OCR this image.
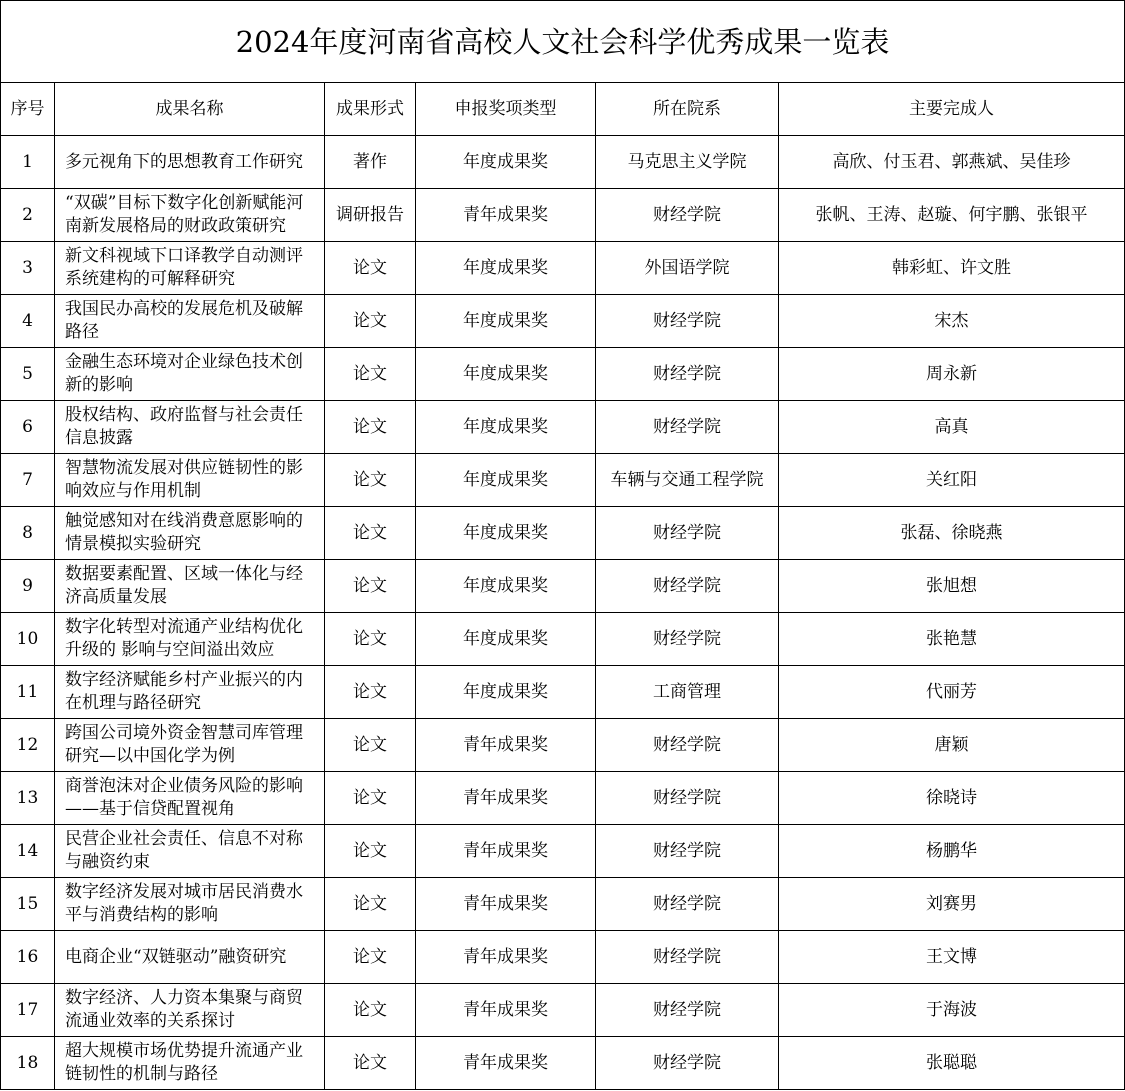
2024年度河南省高校人文社会科学优秀成果一览表					
序号	成果名称	成果形式	申报奖项类型	所在院系	主要完成人
1	多元视角下的思想教育工作研究	著作	年度成果奖	马克思主义学院	高欣、付玉君、郭燕斌、吴佳珍
2	“双碳”目标下数字化创新赋能河南新发展格局的财政政策研究	调研报告	青年成果奖	财经学院	张帆、王涛、赵璇、何宇鹏、张银平
3	新文科视域下口译教学自动测评系统建构的可解释研究	论文	年度成果奖	外国语学院	韩彩虹、许文胜
4	我国民办高校的发展危机及破解路径	论文	年度成果奖	财经学院	宋杰
5	金融生态环境对企业绿色技术创新的影响	论文	年度成果奖	财经学院	周永新
6	股权结构、政府监督与社会责任信息披露	论文	年度成果奖	财经学院	高真
7	智慧物流发展对供应链韧性的影响效应与作用机制	论文	年度成果奖	车辆与交通工程学院	关红阳
8	触觉感知对在线消费意愿影响的情景模拟实验研究	论文	年度成果奖	财经学院	张磊、徐晓燕
9	数据要素配置、区域一体化与经济高质量发展	论文	年度成果奖	财经学院	张旭想
10	数字化转型对流通产业结构优化升级的 影响与空间溢出效应	论文	年度成果奖	财经学院	张艳慧
11	数字经济赋能乡村产业振兴的内在机理与路径研究	论文	年度成果奖	工商管理	代丽芳
12	跨国公司境外资金智慧司库管理研究—以中国化学为例	论文	青年成果奖	财经学院	唐颖
13	商誉泡沫对企业债务风险的影响——基于信贷配置视角	论文	青年成果奖	财经学院	徐晓诗
14	民营企业社会责任、信息不对称与融资约束	论文	青年成果奖	财经学院	杨鹏华
15	数字经济发展对城市居民消费水平与消费结构的影响	论文	青年成果奖	财经学院	刘赛男
16	电商企业“双链驱动”融资研究	论文	青年成果奖	财经学院	王文博
17	数字经济、人力资本集聚与商贸流通业效率的关系探讨	论文	青年成果奖	财经学院	于海波
18	超大规模市场优势提升流通产业链韧性的机制与路径	论文	青年成果奖	财经学院	张聪聪
